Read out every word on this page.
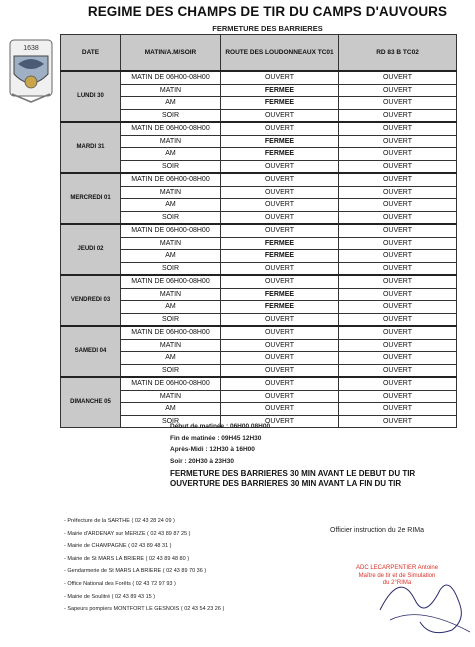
REGIME DES CHAMPS DE TIR DU CAMPS D'AUVOURS
FERMETURE DES BARRIERES
1638
DATE	MATIN/A.M/SOIR	ROUTE DES LOUDONNEAUX TC01	RD 83 B TC02
LUNDI 30	MATIN DE 06H00-08H00	OUVERT	OUVERT
	MATIN	FERMEE	OUVERT
	AM	FERMEE	OUVERT
	SOIR	OUVERT	OUVERT
MARDI 31	MATIN DE 06H00-08H00	OUVERT	OUVERT
	MATIN	FERMEE	OUVERT
	AM	FERMEE	OUVERT
	SOIR	OUVERT	OUVERT
MERCREDI 01	MATIN DE 06H00-08H00	OUVERT	OUVERT
	MATIN	OUVERT	OUVERT
	AM	OUVERT	OUVERT
	SOIR	OUVERT	OUVERT
JEUDI 02	MATIN DE 06H00-08H00	OUVERT	OUVERT
	MATIN	FERMEE	OUVERT
	AM	FERMEE	OUVERT
	SOIR	OUVERT	OUVERT
VENDREDI 03	MATIN DE 06H00-08H00	OUVERT	OUVERT
	MATIN	FERMEE	OUVERT
	AM	FERMEE	OUVERT
	SOIR	OUVERT	OUVERT
SAMEDI 04	MATIN DE 06H00-08H00	OUVERT	OUVERT
	MATIN	OUVERT	OUVERT
	AM	OUVERT	OUVERT
	SOIR	OUVERT	OUVERT
DIMANCHE 05	MATIN DE 06H00-08H00	OUVERT	OUVERT
	MATIN	OUVERT	OUVERT
	AM	OUVERT	OUVERT
	SOIR	OUVERT	OUVERT
Début de matinée : 06H00 08H00
Fin de matinée : 09H45 12H30
Après-Midi : 12H30 à 16H00
Soir : 20H30 à 23H30
FERMETURE DES BARRIERES 30 MIN AVANT LE DEBUT DU TIR
OUVERTURE DES BARRIERES 30 MIN AVANT LA FIN DU TIR
- Préfecture de la SARTHE ( 02 43 28 24 09 )
- Mairie d'ARDENAY sur MERIZE ( 02 43 89 87 25 )
- Mairie de CHAMPAGNE ( 02 43 89 48 31 )
- Mairie de St MARS LA BRIERE ( 02 43 89 48 80 )
- Gendarmerie de St MARS LA BRIERE ( 02 43 89 70 36 )
- Office National des Forêts ( 02 43 72 97 93 )
- Mairie de Soulitré ( 02 43 89 43 15 )
- Sapeurs pompiers MONTFORT LE GESNOIS ( 02 43 54 23 26 )
Officier instruction du 2e RIMa
ADC LECARPENTIER Antoine
Maître de tir et de Simulation
du 2°RIMa
